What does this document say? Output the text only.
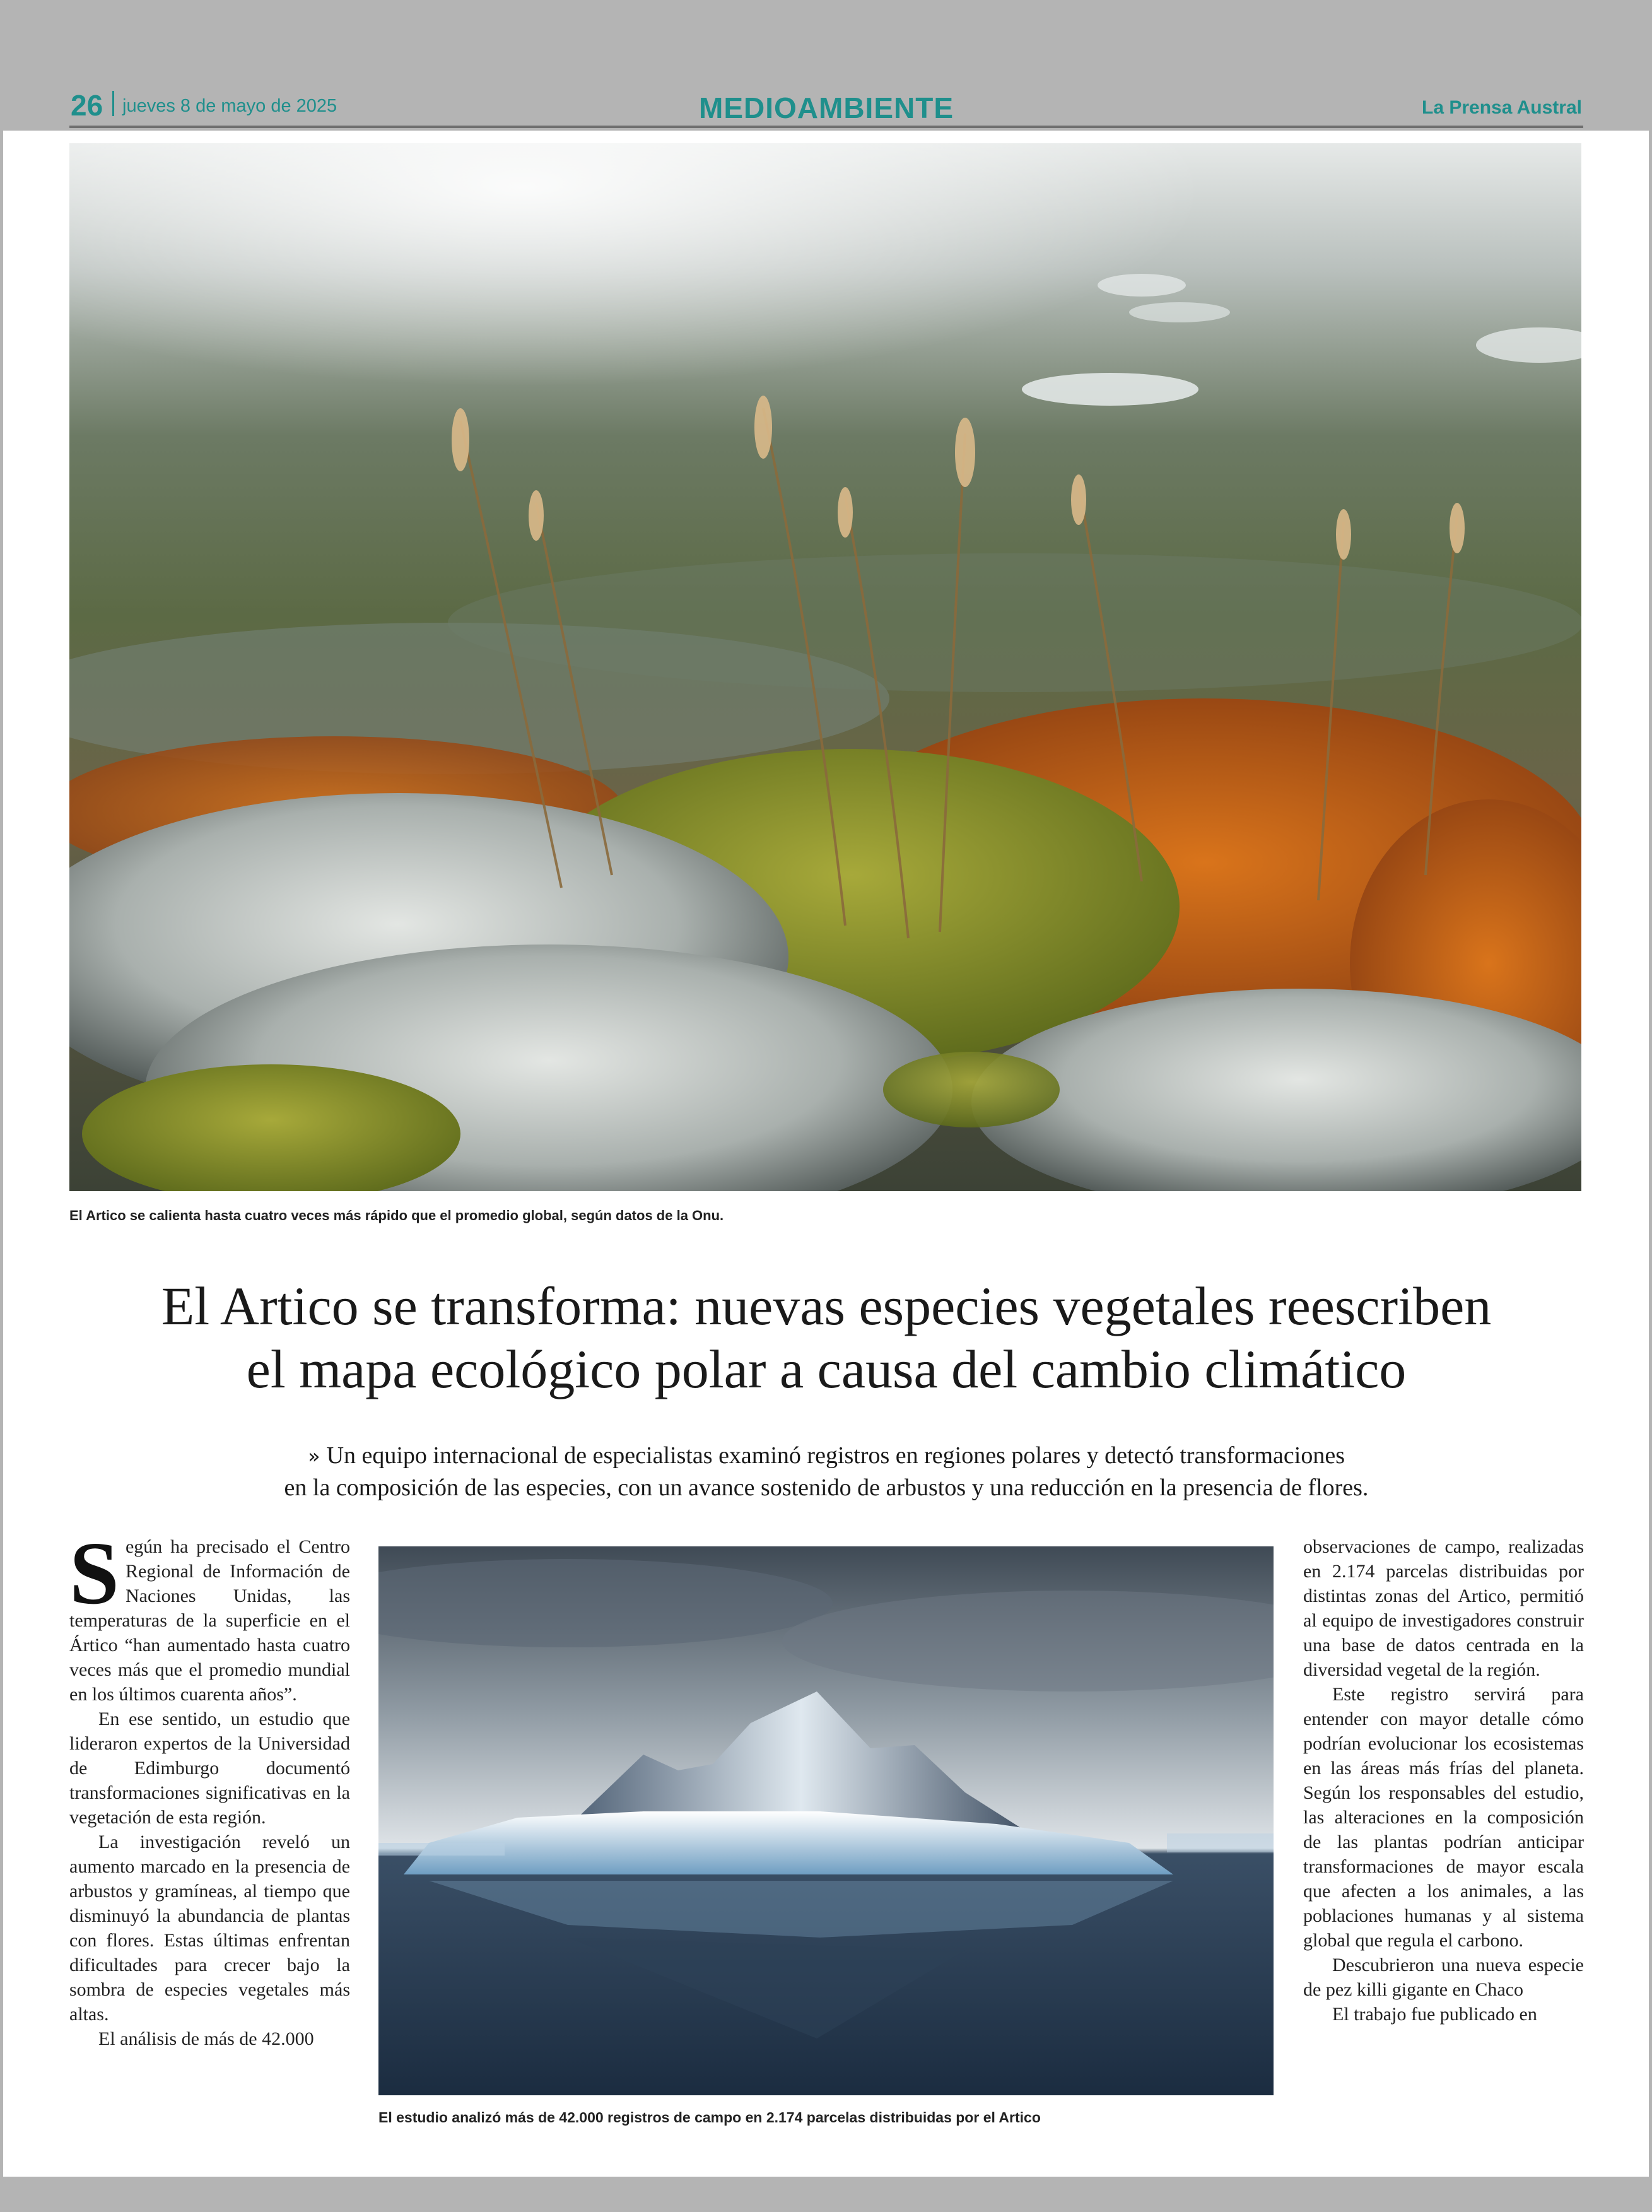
26 jueves 8 de mayo de 2025	MEDIOAMBIENTE	La Prensa Austral
El Artico se calienta hasta cuatro veces más rápido que el promedio global, según datos de la Onu.
El Artico se transforma: nuevas especies vegetales reescriben
el mapa ecológico polar a causa del cambio climático
» Un equipo internacional de especialistas examinó registros en regiones polares y detectó transformaciones
en la composición de las especies, con un avance sostenido de arbustos y una reducción en la presencia de flores.

Según ha precisado el Centro Regional de Información de Naciones Unidas, las temperaturas de la superficie en el Ártico “han aumentado hasta cuatro veces más que el promedio mundial en los últimos cuarenta años”.

En ese sentido, un estudio que lideraron expertos de la Universidad de Edimburgo documentó transformaciones significativas en la vegetación de esta región.

La investigación reveló un aumento marcado en la presencia de arbustos y gramíneas, al tiempo que disminuyó la abundancia de plantas con flores. Estas últimas enfrentan dificultades para crecer bajo la sombra de especies vegetales más altas.

El análisis de más de 42.000

El estudio analizó más de 42.000 registros de campo en 2.174 parcelas distribuidas por el Artico

observaciones de campo, realizadas en 2.174 parcelas distribuidas por distintas zonas del Artico, permitió al equipo de investigadores construir una base de datos centrada en la diversidad vegetal de la región.

Este registro servirá para entender con mayor detalle cómo podrían evolucionar los ecosistemas en las áreas más frías del planeta. Según los responsables del estudio, las alteraciones en la composición de las plantas podrían anticipar transformaciones de mayor escala que afecten a los animales, a las poblaciones humanas y al sistema global que regula el carbono.

Descubrieron una nueva especie de pez killi gigante en Chaco

El trabajo fue publicado en
